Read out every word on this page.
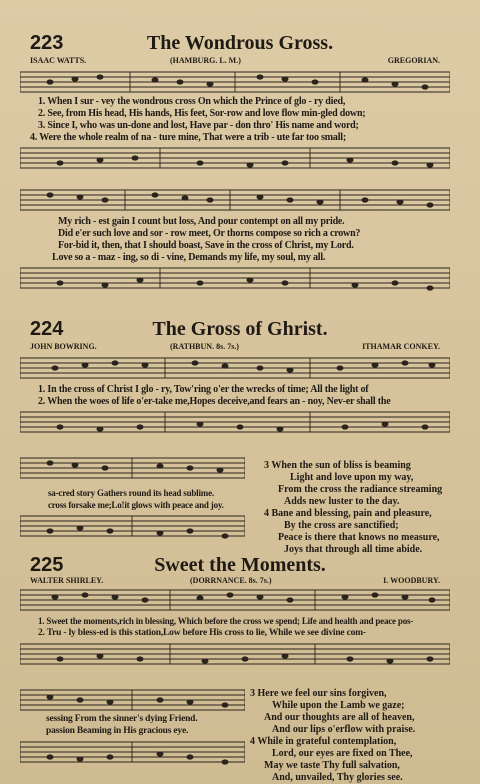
223	The Wondrous Gross.
ISAAC WATTS.	(HAMBURG. L. M.)	GREGORIAN.
1. When I sur - vey the wondrous cross On which the Prince of glo - ry died,
2. See, from His head, His hands, His feet, Sor-row and love flow min-gled down;
3. Since I, who was un-done and lost, Have par - don thro' His name and word;
4. Were the whole realm of na - ture mine, That were a trib - ute far too small;
My rich - est gain I count but loss, And pour contempt on all my pride.
Did e'er such love and sor - row meet, Or thorns compose so rich a crown?
For-bid it, then, that I should boast, Save in the cross of Christ, my Lord.
Love so a - maz - ing, so di - vine, Demands my life, my soul, my all.
224	The Gross of Ghrist.
JOHN BOWRING.	(RATHBUN. 8s. 7s.)	ITHAMAR CONKEY.
1. In the cross of Christ I glo - ry, Tow'ring o'er the wrecks of time; All the light of
2. When the woes of life o'er-take me,Hopes deceive,and fears an - noy, Nev-er shall the
sa-cred story Gathers round its head sublime.
cross forsake me;Lo!it glows with peace and joy.
3 When the sun of bliss is beaming
Light and love upon my way,
From the cross the radiance streaming
Adds new luster to the day.
4 Bane and blessing, pain and pleasure,
By the cross are sanctified;
Peace is there that knows no measure,
Joys that through all time abide.
225	Sweet the Moments.
WALTER SHIRLEY.	(DORRNANCE. 8s. 7s.)	I. WOODBURY.
1. Sweet the moments,rich in blessing, Which before the cross we spend; Life and health and peace pos-
2. Tru - ly bless-ed is this station,Low before His cross to lie, While we see divine com-
sessing From the sinner's dying Friend.
passion Beaming in His gracious eye.
3 Here we feel our sins forgiven,
While upon the Lamb we gaze;
And our thoughts are all of heaven,
And our lips o'erflow with praise.
4 While in grateful contemplation,
Lord, our eyes are fixed on Thee,
May we taste Thy full salvation,
And, unvailed, Thy glories see.
